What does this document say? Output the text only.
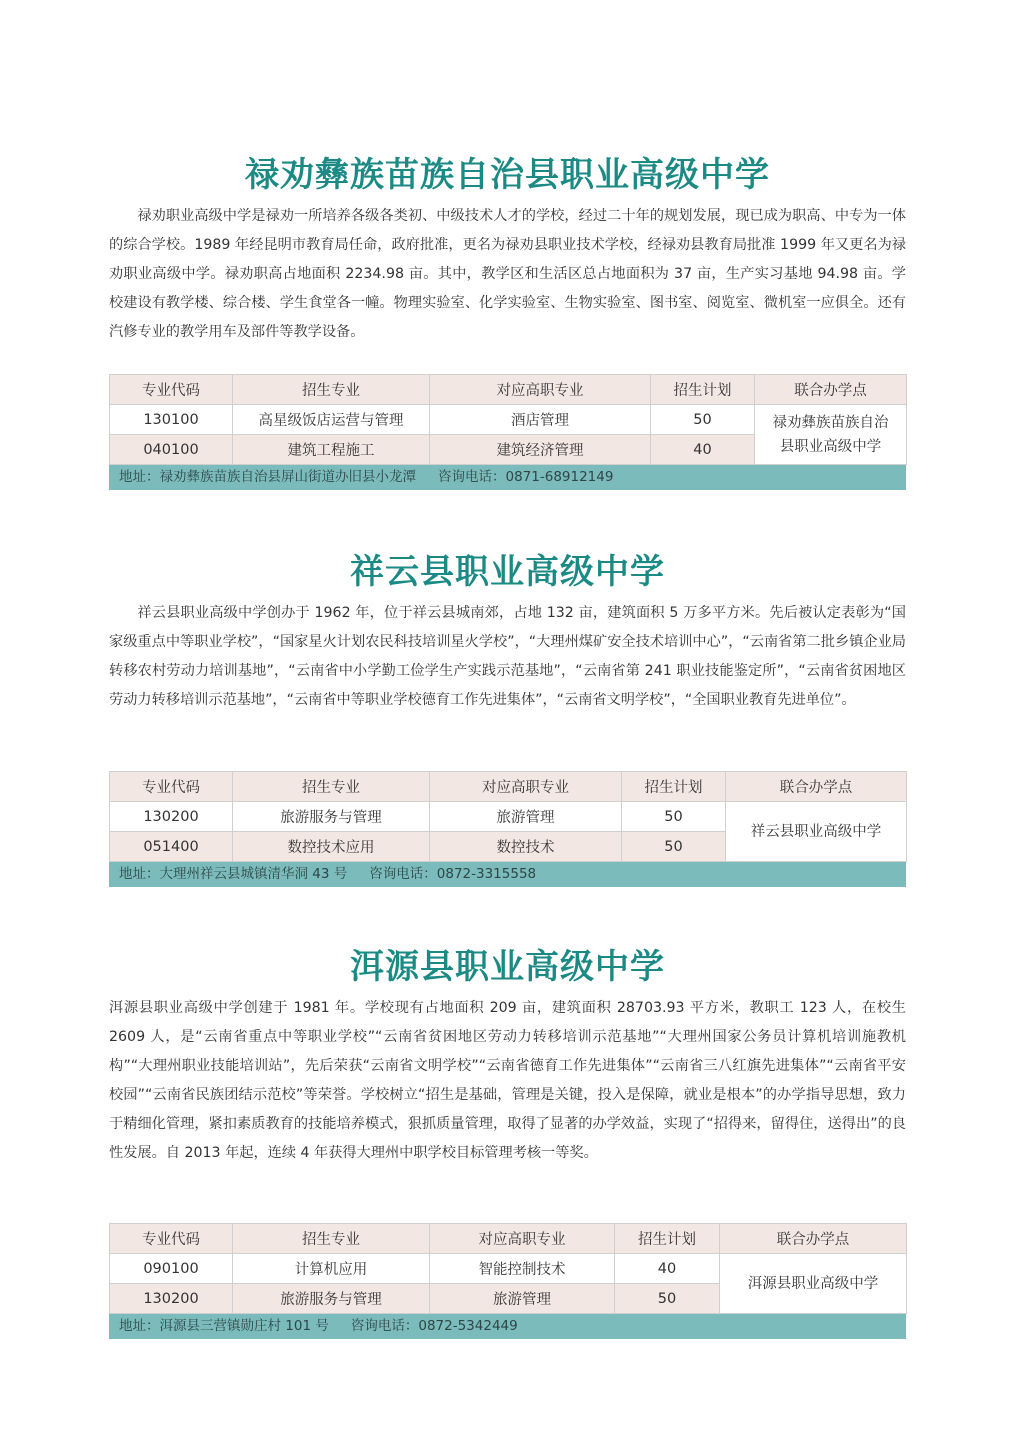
禄劝彝族苗族自治县职业高级中学

禄劝职业高级中学是禄劝一所培养各级各类初、中级技术人才的学校，经过二十年的规划发展，现已成为职高、中专为一体的综合学校。1989 年经昆明市教育局任命，政府批准，更名为禄劝县职业技术学校，经禄劝县教育局批准 1999 年又更名为禄劝职业高级中学。禄劝职高占地面积 2234.98 亩。其中，教学区和生活区总占地面积为 37 亩，生产实习基地 94.98 亩。学校建设有教学楼、综合楼、学生食堂各一幢。物理实验室、化学实验室、生物实验室、图书室、阅览室、微机室一应俱全。还有汽修专业的教学用车及部件等教学设备。

专业代码	招生专业	对应高职专业	招生计划	联合办学点
130100	高星级饭店运营与管理	酒店管理	50	禄劝彝族苗族自治县职业高级中学

040100	建筑工程施工	建筑经济管理	40	
地址：禄劝彝族苗族自治县屏山街道办旧县小龙潭 咨询电话：0871-68912149
祥云县职业高级中学

祥云县职业高级中学创办于 1962 年，位于祥云县城南郊，占地 132 亩，建筑面积 5 万多平方米。先后被认定表彰为“国家级重点中等职业学校”，“国家星火计划农民科技培训星火学校”，“大理州煤矿安全技术培训中心”，“云南省第二批乡镇企业局转移农村劳动力培训基地”，“云南省中小学勤工俭学生产实践示范基地”，“云南省第 241 职业技能鉴定所”，“云南省贫困地区劳动力转移培训示范基地”，“云南省中等职业学校德育工作先进集体”，“云南省文明学校”，“全国职业教育先进单位”。

专业代码	招生专业	对应高职专业	招生计划	联合办学点
130200	旅游服务与管理	旅游管理	50	祥云县职业高级中学
051400	数控技术应用	数控技术	50	
地址：大理州祥云县城镇清华洞 43 号 咨询电话：0872-3315558
洱源县职业高级中学

洱源县职业高级中学创建于 1981 年。学校现有占地面积 209 亩，建筑面积 28703.93 平方米，教职工 123 人，在校生 2609 人，是“云南省重点中等职业学校”“云南省贫困地区劳动力转移培训示范基地”“大理州国家公务员计算机培训施教机构”“大理州职业技能培训站”，先后荣获“云南省文明学校”“云南省德育工作先进集体”“云南省三八红旗先进集体”“云南省平安校园”“云南省民族团结示范校”等荣誉。学校树立“招生是基础，管理是关键，投入是保障，就业是根本”的办学指导思想，致力于精细化管理，紧扣素质教育的技能培养模式，狠抓质量管理，取得了显著的办学效益，实现了“招得来，留得住，送得出”的良性发展。自 2013 年起，连续 4 年获得大理州中职学校目标管理考核一等奖。

专业代码	招生专业	对应高职专业	招生计划	联合办学点
090100	计算机应用	智能控制技术	40	洱源县职业高级中学
130200	旅游服务与管理	旅游管理	50	
地址：洱源县三营镇勋庄村 101 号 咨询电话：0872-5342449
